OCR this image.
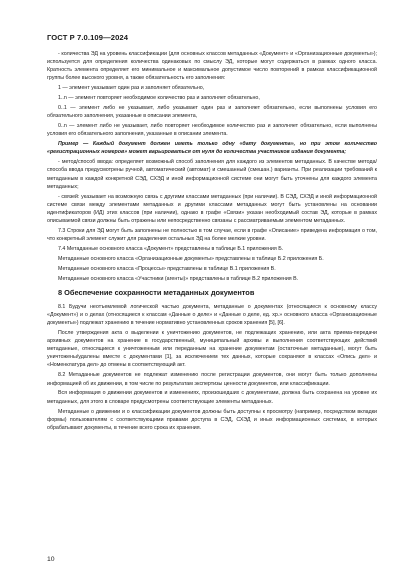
ГОСТ Р 7.0.109—2024

- количества ЭД на уровень классификации (для основных классов метаданных «Документ» и «Организационные документы»); используется для определения количества одинаковых по смыслу ЭД, которые могут содержаться в рамках одного класса. Кратность элемента определяет его минимальное и максимальное допустимое число повторений в рамках классификационной группы более высокого уровня, а также обязательность его заполнения:

1 — элемент указывает один раз и заполняет обязательно,

1..n — элемент повторяет необходимое количество раз и заполняет обязательно,

0..1 — элемент либо не указывает, либо указывает один раз и заполняет обязательно, если выполнены условия его обязательного заполнения, указанные в описании элемента,

0..n — элемент либо не указывает, либо повторяет необходимое количество раз и заполняет обязательно, если выполнены условия его обязательного заполнения, указанные в описании элемента.

Пример — Каждый документ должен иметь только одну «дату документа», но при этом количество «регистрационных номеров» может варьироваться от нуля до количества участников издания документа;

- метод/способ ввода: определяет возможный способ заполнения для каждого из элементов метаданных. В качестве метода/способа ввода предусмотрены ручной, автоматический (автомат) и смешанный (смешан.) варианты. При реализации требований к метаданным в каждой конкретной СЭД, СХЭД и иной информационной системе они могут быть уточнены для каждого элемента метаданных;

- связей: указывает на возможную связь с другими классами метаданных (при наличии). В СЭД, СХЭД и иной информационной системе связи между элементами метаданных и другими классами метаданных могут быть установлены на основании идентификаторов (ИД) этих классов (при наличии), однако в графе «Связи» указан необходимый состав ЭД, которые в рамках описываемой связи должны быть отражены или непосредственно связаны с рассматриваемым элементом метаданных.

7.3 Строки для ЭД могут быть заполнены не полностью в том случае, если в графе «Описание» приведена информация о том, что конкретный элемент служит для разделения остальных ЭД на более мелкие уровни.

7.4 Метаданные основного класса «Документ» представлены в таблице Б.1 приложения Б.

Метаданные основного класса «Организационные документы» представлены в таблице Б.2 приложения Б.

Метаданные основного класса «Процессы» представлены в таблице В.1 приложения В.

Метаданные основного класса «Участники (агенты)» представлены в таблице В.2 приложения В.

8 Обеспечение сохранности метаданных документов

8.1 Будучи неотъемлемой логической частью документа, метаданные о документах (относящиеся к основному классу «Документ») и о делах (относящиеся к классам «Данные о деле» и «Данные о деле, ед. хр.» основного класса «Организационные документы») подлежат хранению в течение нормативно установленных сроков хранения [5], [6].

После утверждения акта о выделении к уничтожению документов, не подлежащих хранению, или акта приема-передачи архивных документов на хранение в государственный, муниципальный архивы и выполнения соответствующих действий метаданные, относящиеся к уничтоженным или переданным на хранение документам (остаточные метаданные), могут быть уничтожены/удалены вместе с документами [1], за исключением тех данных, которые сохраняют в классах «Опись дел» и «Номенклатура дел» до отмены в соответствующий акт.

8.2 Метаданные документов не подлежат изменению после регистрации документов, они могут быть только дополнены информацией об их движении, в том числе по результатам экспертизы ценности документов, или классификации.

Вся информация о движении документов и изменениях, произошедших с документами, должна быть сохранена на уровне их метаданных, для этого в словаре предусмотрены соответствующие элементы метаданных.

Метаданные о движении и о классификации документов должны быть доступны к просмотру (например, посредством вкладки формы) пользователям с соответствующими правами доступа в СЭД, СХЭД и иных информационных системах, в которых обрабатывают документы, в течение всего срока их хранения.

10
